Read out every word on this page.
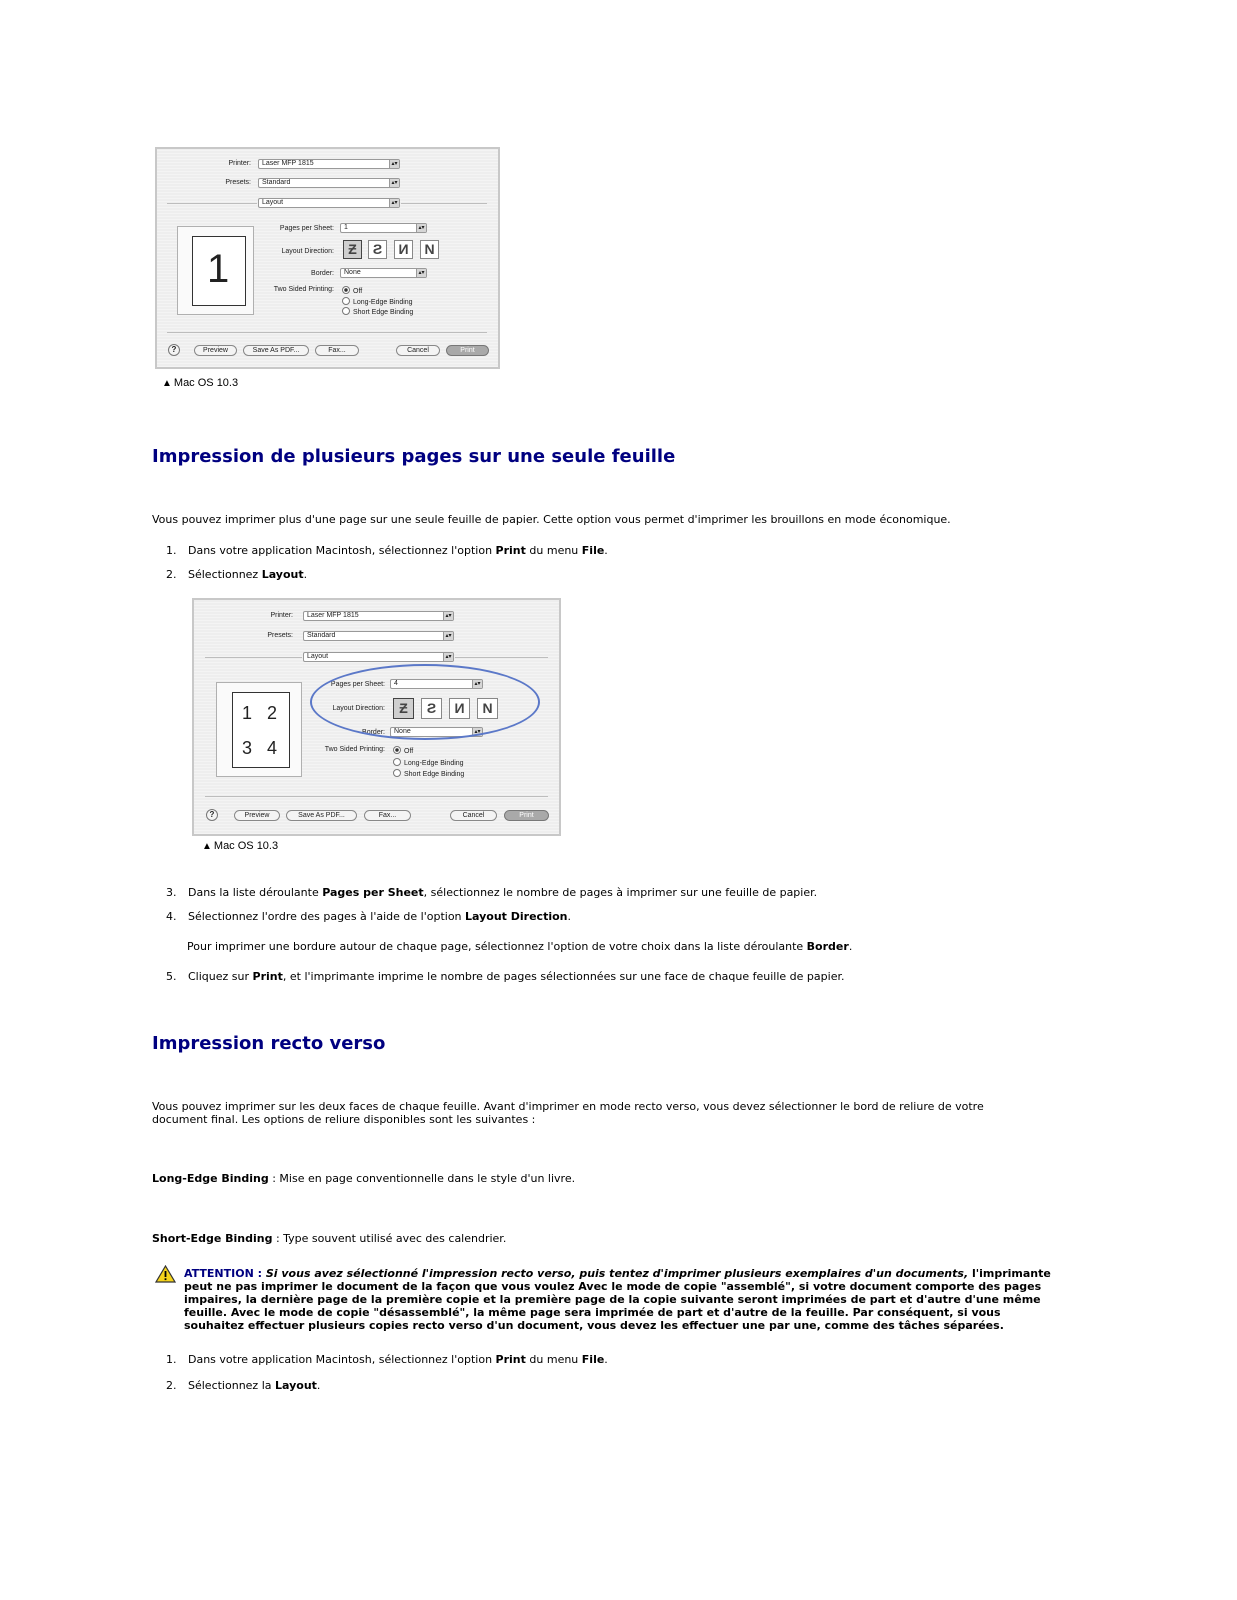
Printer:	Laser MFP 1815	▴▾
Presets:	Standard	▴▾
Layout	▴▾
1
Pages per Sheet:	1	▴▾
Layout Direction:	Ƶ	Ƨ	И	N
Border:	None	▴▾
Two Sided Printing:	Off
Long-Edge Binding
Short Edge Binding
?	Preview	Save As PDF...	Fax...	Cancel	Print
▲ Mac OS 10.3
Impression de plusieurs pages sur une seule feuille
Vous pouvez imprimer plus d'une page sur une seule feuille de papier. Cette option vous permet d'imprimer les brouillons en mode économique.
1. Dans votre application Macintosh, sélectionnez l'option Print du menu File.
2. Sélectionnez Layout.
Printer:	Laser MFP 1815	▴▾
Presets:	Standard	▴▾
Layout	▴▾
1 2
3 4
Pages per Sheet:	4	▴▾
Layout Direction:	Ƶ	Ƨ	И	N
Border:	None	▴▾
Two Sided Printing:	Off
Long-Edge Binding
Short Edge Binding
?	Preview	Save As PDF...	Fax...	Cancel	Print
▲ Mac OS 10.3
3. Dans la liste déroulante Pages per Sheet, sélectionnez le nombre de pages à imprimer sur une feuille de papier.
4. Sélectionnez l'ordre des pages à l'aide de l'option Layout Direction.
Pour imprimer une bordure autour de chaque page, sélectionnez l'option de votre choix dans la liste déroulante Border.
5. Cliquez sur Print, et l'imprimante imprime le nombre de pages sélectionnées sur une face de chaque feuille de papier.
Impression recto verso
Vous pouvez imprimer sur les deux faces de chaque feuille. Avant d'imprimer en mode recto verso, vous devez sélectionner le bord de reliure de votre
document final. Les options de reliure disponibles sont les suivantes :
Long-Edge Binding : Mise en page conventionnelle dans le style d'un livre.
Short-Edge Binding : Type souvent utilisé avec des calendrier.
ATTENTION : Si vous avez sélectionné l'impression recto verso, puis tentez d'imprimer plusieurs exemplaires d'un documents, l'imprimante peut ne pas imprimer le document de la façon que vous voulez Avec le mode de copie "assemblé", si votre document comporte des pages impaires, la dernière page de la première copie et la première page de la copie suivante seront imprimées de part et d'autre d'une même feuille. Avec le mode de copie "désassemblé", la même page sera imprimée de part et d'autre de la feuille. Par conséquent, si vous souhaitez effectuer plusieurs copies recto verso d'un document, vous devez les effectuer une par une, comme des tâches séparées.
1. Dans votre application Macintosh, sélectionnez l'option Print du menu File.
2. Sélectionnez la Layout.
